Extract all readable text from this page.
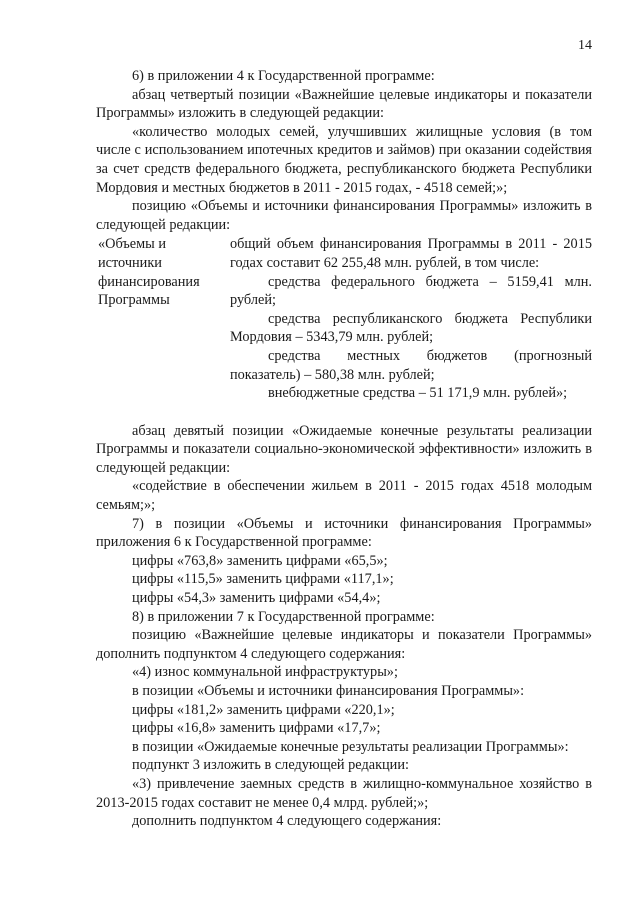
14

6) в приложении 4 к Государственной программе:

абзац четвертый позиции «Важнейшие целевые индикаторы и показатели Программы» изложить в следующей редакции:

«количество молодых семей, улучшивших жилищные условия (в том числе с использованием ипотечных кредитов и займов) при оказании содействия за счет средств федерального бюджета, республиканского бюджета Республики Мордовия и местных бюджетов в 2011 - 2015 годах, - 4518 семей;»;

позицию «Объемы и источники финансирования Программы» изложить в следующей редакции:

«Объемы и
источники
финансирования
Программы

общий объем финансирования Программы в 2011 - 2015 годах составит 62 255,48 млн. рублей, в том числе:

средства федерального бюджета – 5159,41 млн. рублей;

средства республиканского бюджета Республики Мордовия – 5343,79 млн. рублей;

средства местных бюджетов (прогнозный показатель) – 580,38 млн. рублей;

внебюджетные средства – 51 171,9 млн. рублей»;

абзац девятый позиции «Ожидаемые конечные результаты реализации Программы и показатели социально-экономической эффективности» изложить в следующей редакции:

«содействие в обеспечении жильем в 2011 - 2015 годах 4518 молодым семьям;»;

7) в позиции «Объемы и источники финансирования Программы» приложения 6 к Государственной программе:

цифры «763,8» заменить цифрами «65,5»;

цифры «115,5» заменить цифрами «117,1»;

цифры «54,3» заменить цифрами «54,4»;

8) в приложении 7 к Государственной программе:

позицию «Важнейшие целевые индикаторы и показатели Программы» дополнить подпунктом 4 следующего содержания:

«4) износ коммунальной инфраструктуры»;

в позиции «Объемы и источники финансирования Программы»:

цифры «181,2» заменить цифрами «220,1»;

цифры «16,8» заменить цифрами «17,7»;

в позиции «Ожидаемые конечные результаты реализации Программы»:

подпункт 3 изложить в следующей редакции:

«3) привлечение заемных средств в жилищно-коммунальное хозяйство в 2013-2015 годах составит не менее 0,4 млрд. рублей;»;

дополнить подпунктом 4 следующего содержания:
